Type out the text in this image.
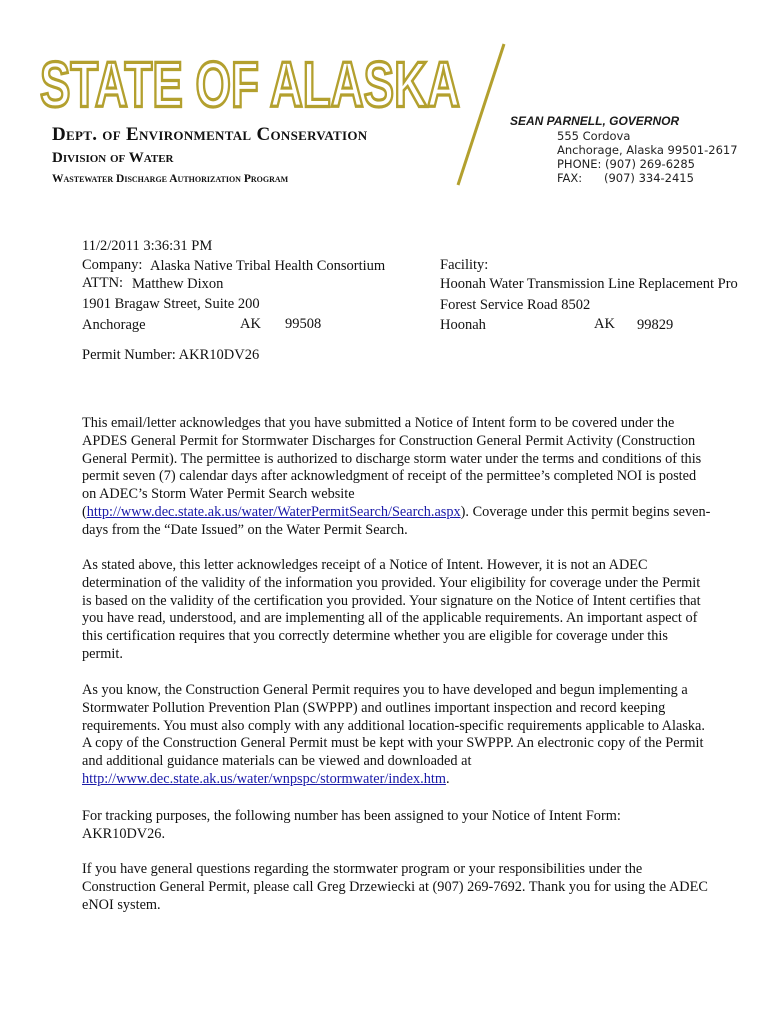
STATE OF ALASKA
Dept. of Environmental Conservation
Division of Water
Wastewater Discharge Authorization Program
SEAN PARNELL, GOVERNOR
555 Cordova
Anchorage, Alaska 99501-2617
PHONE: (907) 269-6285
FAX: (907) 334-2415
11/2/2011 3:36:31 PM
Company: Alaska Native Tribal Health Consortium
ATTN: Matthew Dixon
1901 Bragaw Street, Suite 200
Anchorage	AK 99508
Facility:
Hoonah Water Transmission Line Replacement Pro
Forest Service Road 8502
Hoonah	AK 99829
Permit Number: AKR10DV26

This email/letter acknowledges that you have submitted a Notice of Intent form to be covered under the APDES General Permit for Stormwater Discharges for Construction General Permit Activity (Construction General Permit). The permittee is authorized to discharge storm water under the terms and conditions of this permit seven (7) calendar days after acknowledgment of receipt of the permittee’s completed NOI is posted on ADEC’s Storm Water Permit Search website (http://www.dec.state.ak.us/water/WaterPermitSearch/Search.aspx). Coverage under this permit begins seven-days from the “Date Issued” on the Water Permit Search.

As stated above, this letter acknowledges receipt of a Notice of Intent. However, it is not an ADEC determination of the validity of the information you provided. Your eligibility for coverage under the Permit is based on the validity of the certification you provided. Your signature on the Notice of Intent certifies that you have read, understood, and are implementing all of the applicable requirements. An important aspect of this certification requires that you correctly determine whether you are eligible for coverage under this permit.

As you know, the Construction General Permit requires you to have developed and begun implementing a Stormwater Pollution Prevention Plan (SWPPP) and outlines important inspection and record keeping requirements. You must also comply with any additional location-specific requirements applicable to Alaska. A copy of the Construction General Permit must be kept with your SWPPP. An electronic copy of the Permit and additional guidance materials can be viewed and downloaded at http://www.dec.state.ak.us/water/wnpspc/stormwater/index.htm.

For tracking purposes, the following number has been assigned to your Notice of Intent Form:
AKR10DV26.

If you have general questions regarding the stormwater program or your responsibilities under the Construction General Permit, please call Greg Drzewiecki at (907) 269-7692. Thank you for using the ADEC eNOI system.
